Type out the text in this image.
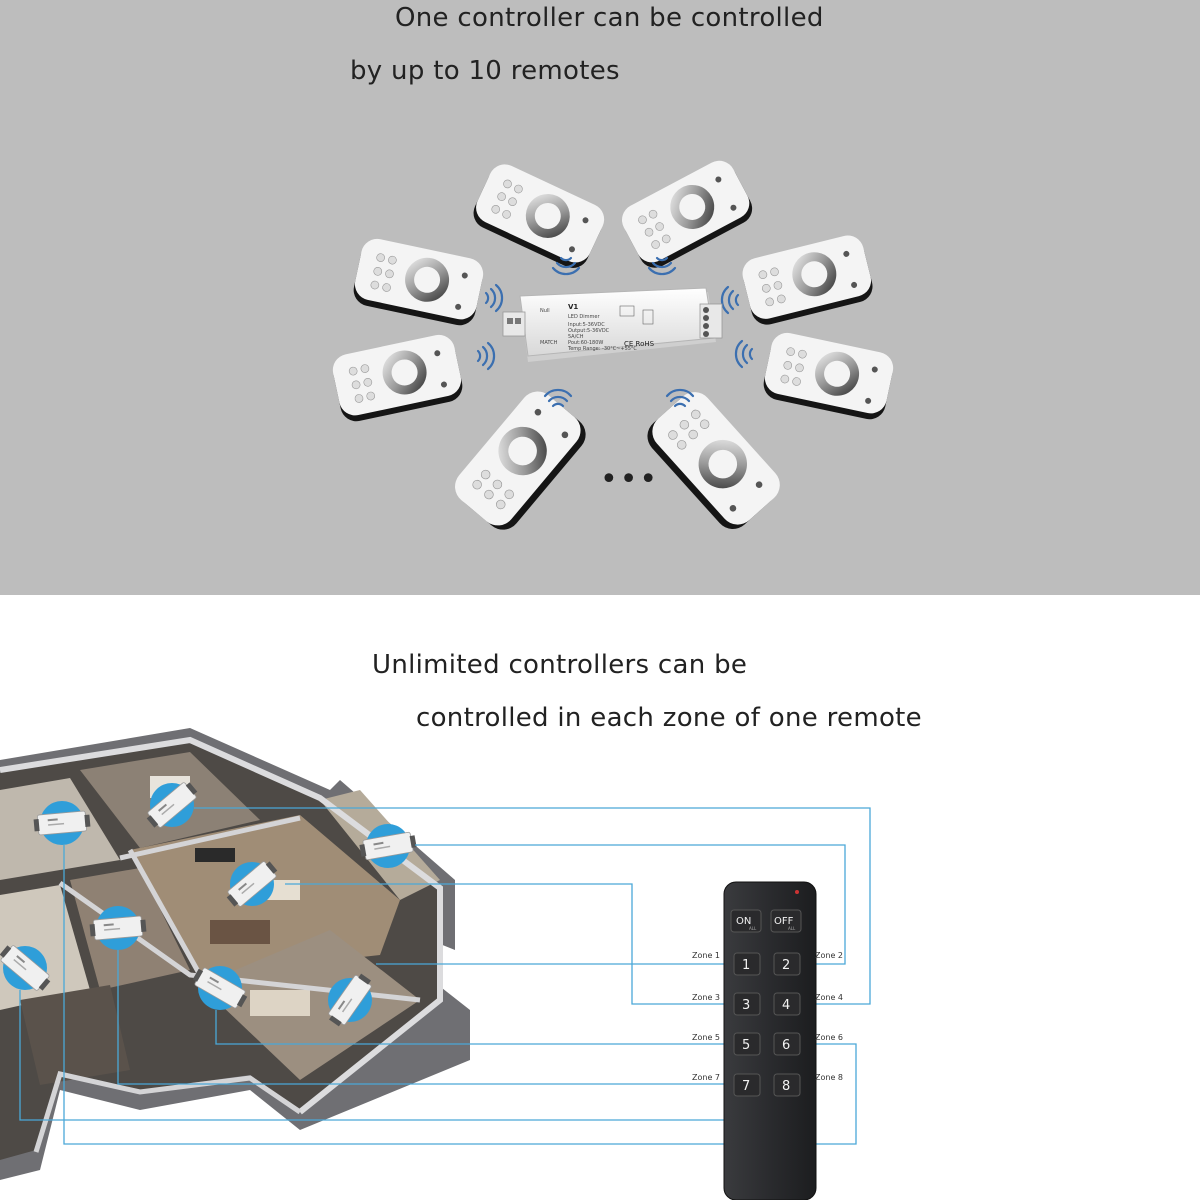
One controller can be controlled
by up to 10 remotes
Unlimited controllers can be
controlled in each zone of one remote
V1
LED Dimmer
Input:5-36VDC
Output:5-36VDC
5A/CH
Pout:60-180W
Temp Range: -30°C~+55°C
CE RoHS
Null
MATCH
ON
ALL
OFF
ALL
1 2
3 4
5 6
7 8
Zone 1	Zone 2
Zone 3	Zone 4
Zone 5	Zone 6
Zone 7	Zone 8
•••
